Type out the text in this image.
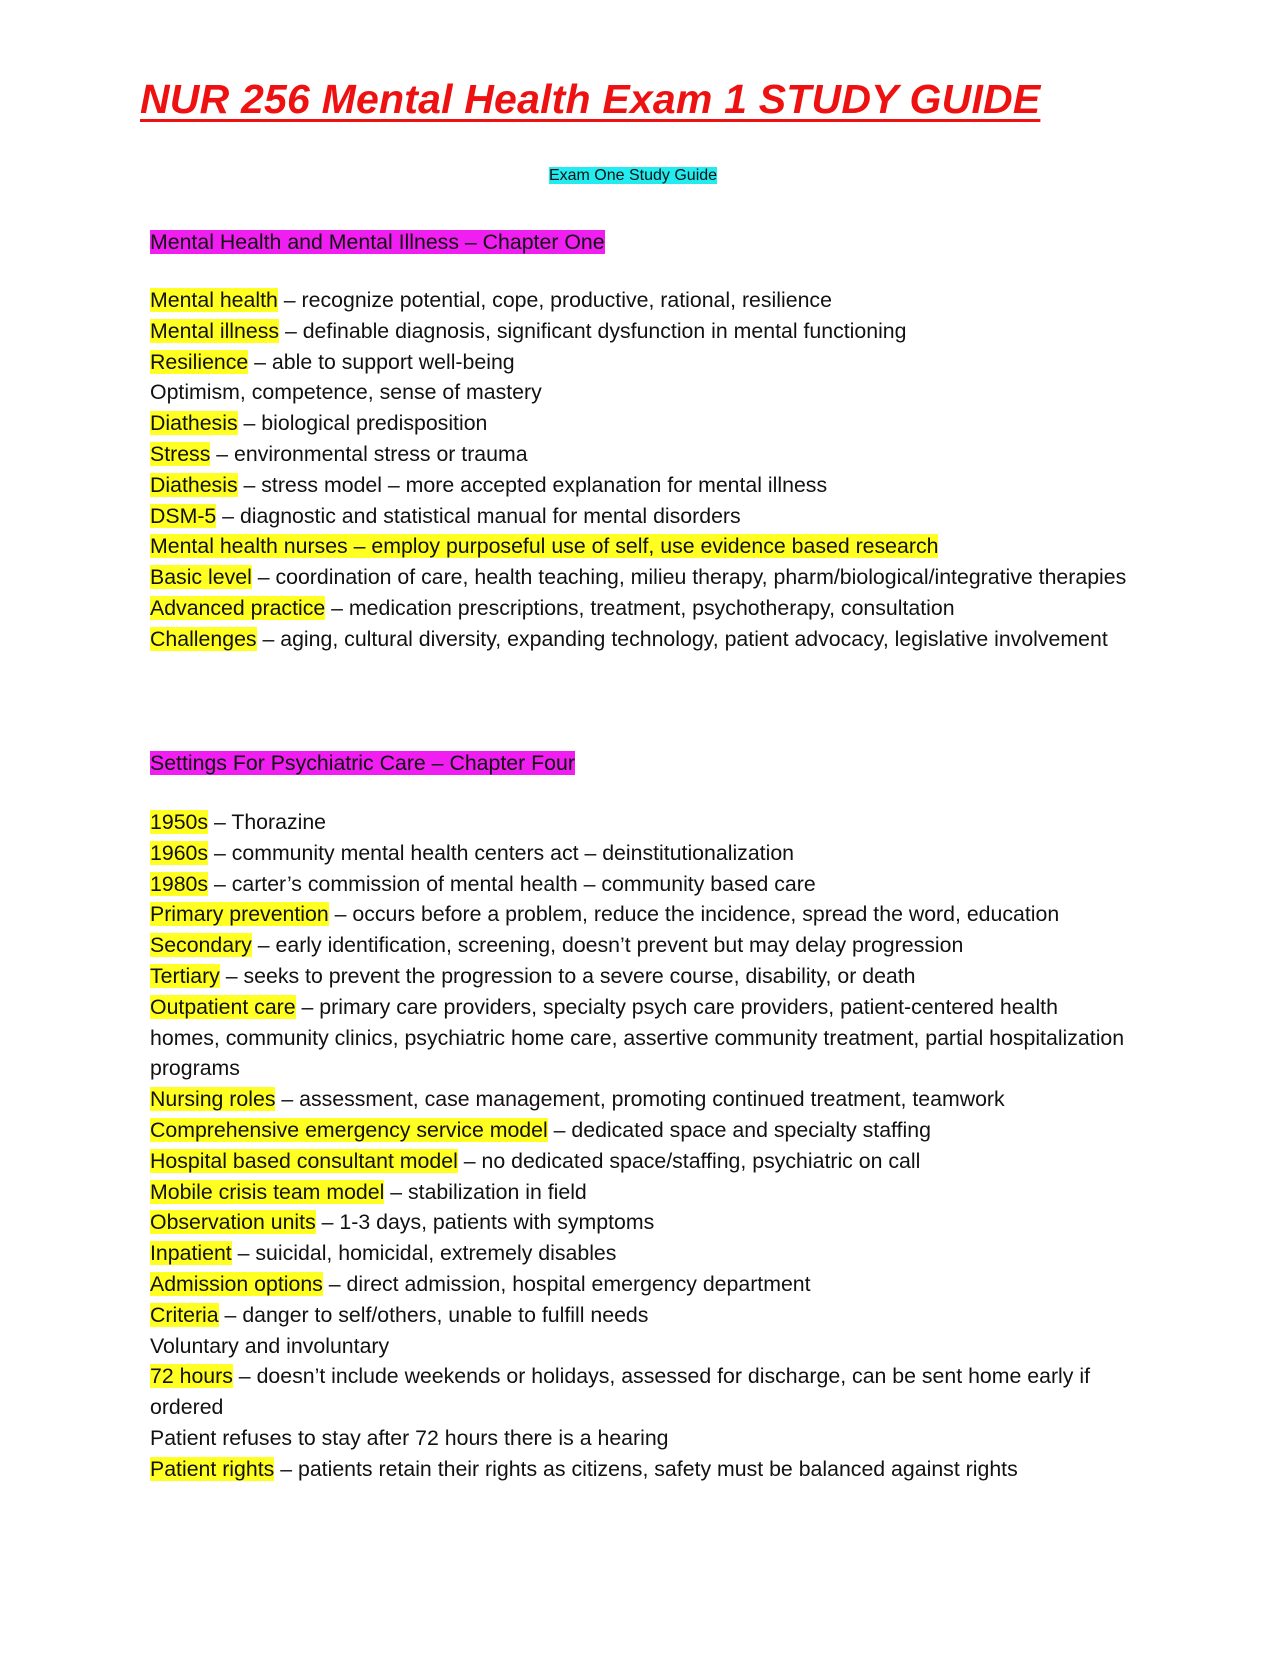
NUR 256 Mental Health Exam 1 STUDY GUIDE
Exam One Study Guide
Mental Health and Mental Illness – Chapter One

Mental health – recognize potential, cope, productive, rational, resilience

Mental illness – definable diagnosis, significant dysfunction in mental functioning

Resilience – able to support well-being

Optimism, competence, sense of mastery

Diathesis – biological predisposition

Stress – environmental stress or trauma

Diathesis – stress model – more accepted explanation for mental illness

DSM-5 – diagnostic and statistical manual for mental disorders

Mental health nurses – employ purposeful use of self, use evidence based research

Basic level – coordination of care, health teaching, milieu therapy, pharm/biological/integrative therapies

Advanced practice – medication prescriptions, treatment, psychotherapy, consultation

Challenges – aging, cultural diversity, expanding technology, patient advocacy, legislative involvement

Settings For Psychiatric Care – Chapter Four

1950s – Thorazine

1960s – community mental health centers act – deinstitutionalization

1980s – carter’s commission of mental health – community based care

Primary prevention – occurs before a problem, reduce the incidence, spread the word, education

Secondary – early identification, screening, doesn’t prevent but may delay progression

Tertiary – seeks to prevent the progression to a severe course, disability, or death

Outpatient care – primary care providers, specialty psych care providers, patient-centered health homes, community clinics, psychiatric home care, assertive community treatment, partial hospitalization programs

Nursing roles – assessment, case management, promoting continued treatment, teamwork

Comprehensive emergency service model – dedicated space and specialty staffing

Hospital based consultant model – no dedicated space/staffing, psychiatric on call

Mobile crisis team model – stabilization in field

Observation units – 1-3 days, patients with symptoms

Inpatient – suicidal, homicidal, extremely disables

Admission options – direct admission, hospital emergency department

Criteria – danger to self/others, unable to fulfill needs

Voluntary and involuntary

72 hours – doesn’t include weekends or holidays, assessed for discharge, can be sent home early if ordered

Patient refuses to stay after 72 hours there is a hearing

Patient rights – patients retain their rights as citizens, safety must be balanced against rights
